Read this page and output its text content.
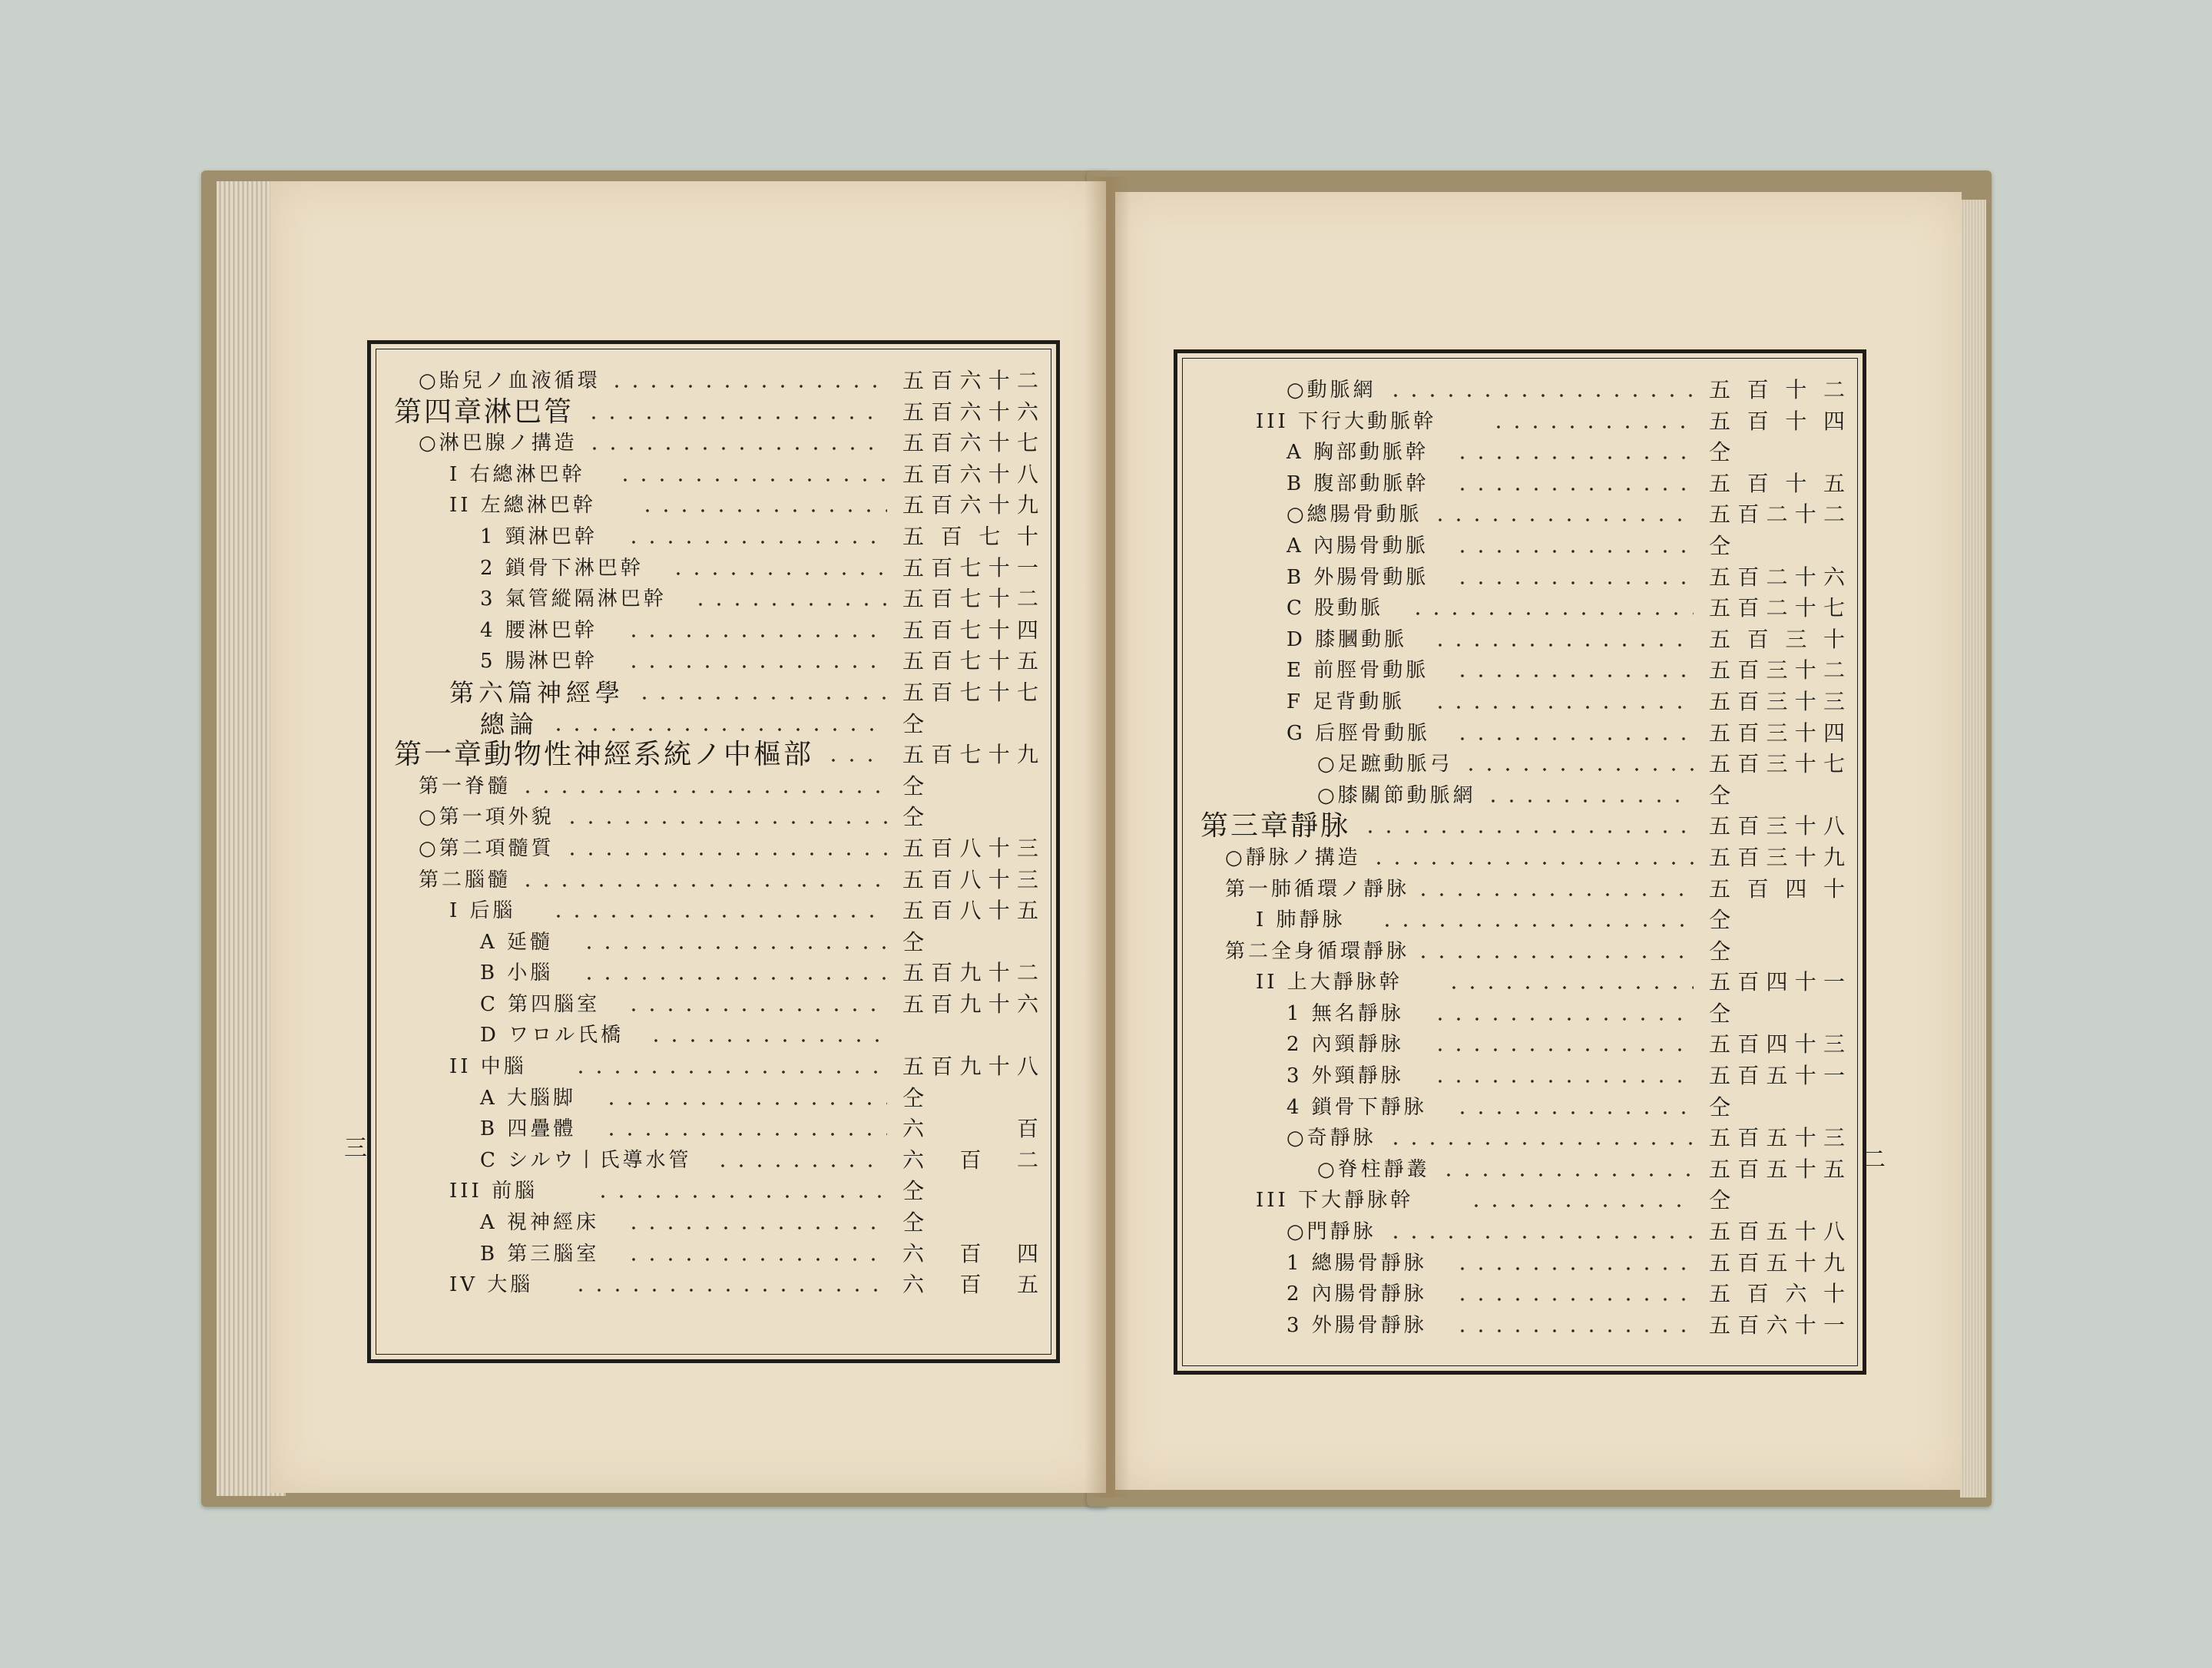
○貽兒ノ血液循環	五百六十二
第四章淋巴管	五百六十六
○淋巴腺ノ搆造	五百六十七
I 右總淋巴幹	五百六十八
II 左總淋巴幹	五百六十九
1 頸淋巴幹	五百七十
2 鎖骨下淋巴幹	五百七十一
3 氣管縱隔淋巴幹	五百七十二
4 腰淋巴幹	五百七十四
5 腸淋巴幹	五百七十五
第六篇神經學	五百七十七
總論	仝
第一章動物性神經系統ノ中樞部	五百七十九
第一脊髓	仝
○第一項外貌	仝
○第二項髓質	五百八十三
第二腦髓	五百八十三
I 后腦	五百八十五
A 延髓	仝
B 小腦	五百九十二
C 第四腦室	五百九十六
D ワロル氏橋
II 中腦	五百九十八
A 大腦脚	仝
B 四疊體	六百
C シルウ丨氏導水管	六百二
III 前腦	仝
A 視神經床	仝
B 第三腦室	六百四
IV 大腦	六百五
○動脈網	五百十二
III 下行大動脈幹	五百十四
A 胸部動脈幹	仝
B 腹部動脈幹	五百十五
○總腸骨動脈	五百二十二
A 內腸骨動脈	仝
B 外腸骨動脈	五百二十六
C 股動脈	五百二十七
D 膝膕動脈	五百三十
E 前脛骨動脈	五百三十二
F 足背動脈	五百三十三
G 后脛骨動脈	五百三十四
○足蹠動脈弓	五百三十七
○膝關節動脈網	仝
第三章靜脉	五百三十八
○靜脉ノ搆造	五百三十九
第一肺循環ノ靜脉	五百四十
I 肺靜脉	仝
第二全身循環靜脉	仝
II 上大靜脉幹	五百四十一
1 無名靜脉	仝
2 內頸靜脉	五百四十三
3 外頸靜脉	五百五十一
4 鎖骨下靜脉	仝
○奇靜脉	五百五十三
○脊柱靜叢	五百五十五
III 下大靜脉幹	仝
○門靜脉	五百五十八
1 總腸骨靜脉	五百五十九
2 內腸骨靜脉	五百六十
3 外腸骨靜脉	五百六十一
三	二
